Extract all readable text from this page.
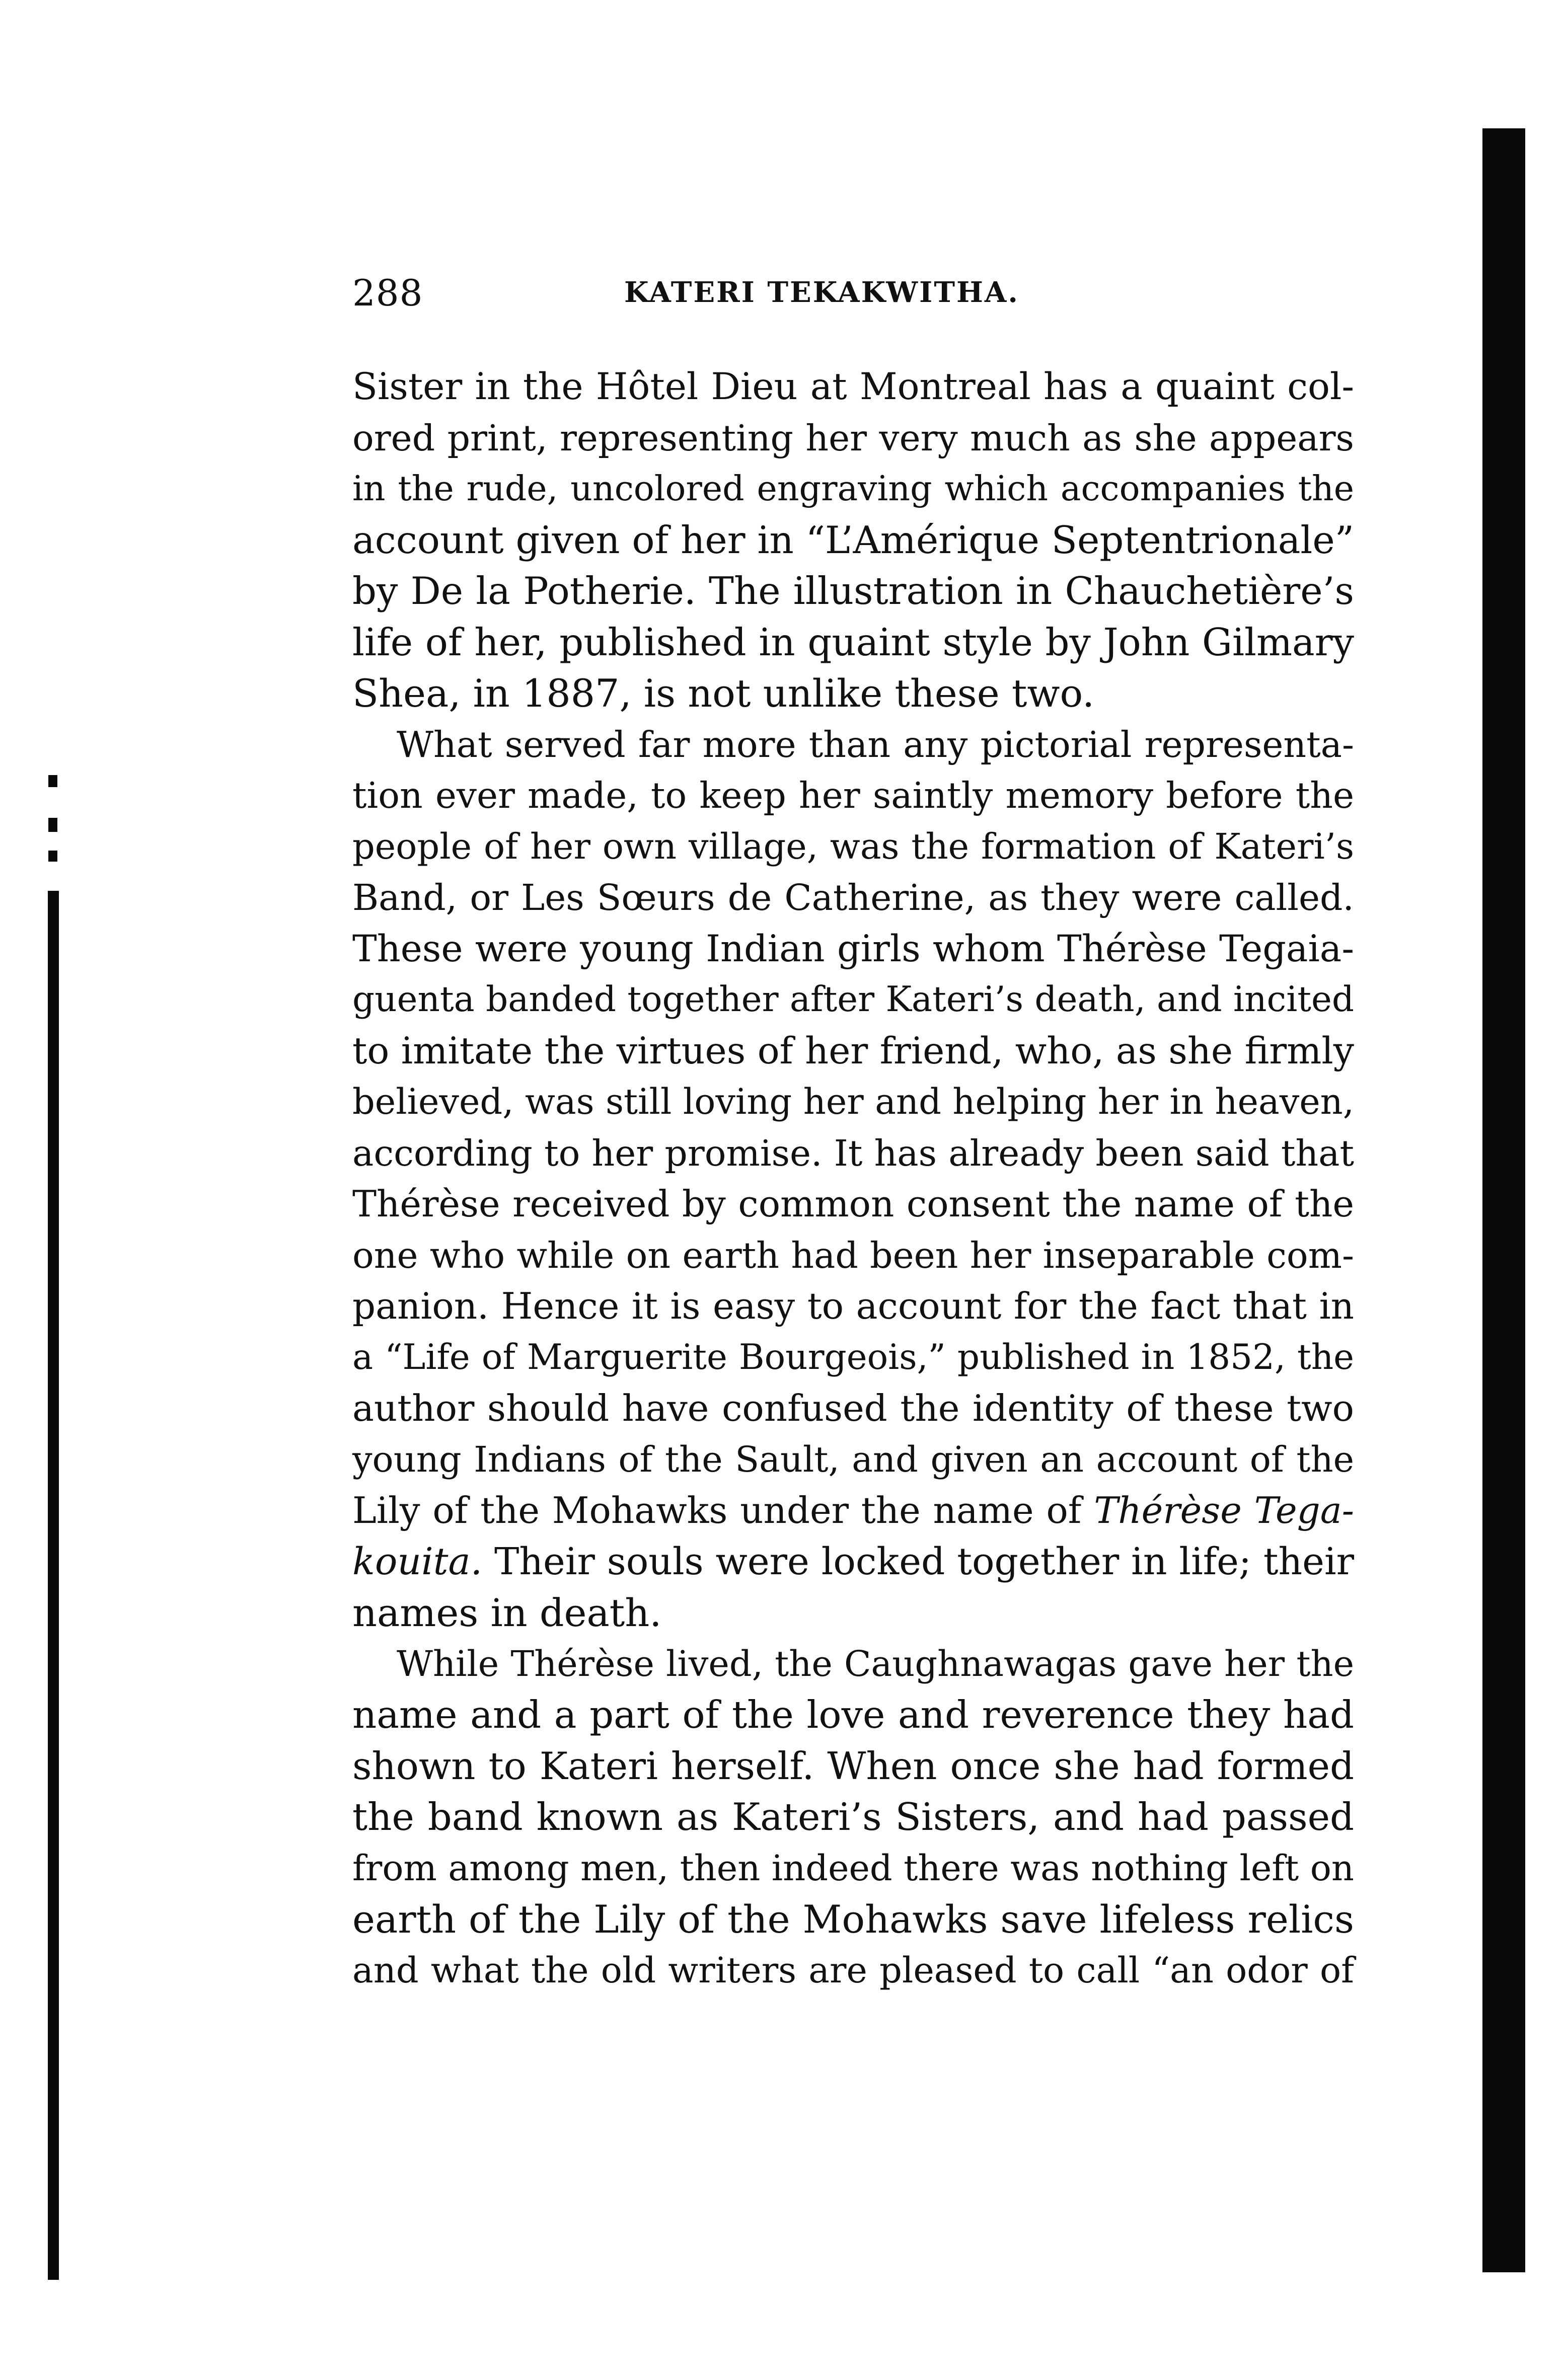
288	KATERI TEKAKWITHA.
Sister in the Hôtel Dieu at Montreal has a quaint col-
ored print, representing her very much as she appears
in the rude, uncolored engraving which accompanies the
account given of her in “L’Amérique Septentrionale”
by De la Potherie. The illustration in Chauchetière’s
life of her, published in quaint style by John Gilmary
Shea, in 1887, is not unlike these two.
What served far more than any pictorial representa-
tion ever made, to keep her saintly memory before the
people of her own village, was the formation of Kateri’s
Band, or Les Sœurs de Catherine, as they were called.
These were young Indian girls whom Thérèse Tegaia-
guenta banded together after Kateri’s death, and incited
to imitate the virtues of her friend, who, as she firmly
believed, was still loving her and helping her in heaven,
according to her promise. It has already been said that
Thérèse received by common consent the name of the
one who while on earth had been her inseparable com-
panion. Hence it is easy to account for the fact that in
a “Life of Marguerite Bourgeois,” published in 1852, the
author should have confused the identity of these two
young Indians of the Sault, and given an account of the
Lily of the Mohawks under the name of Thérèse Tega-
kouita. Their souls were locked together in life; their
names in death.
While Thérèse lived, the Caughnawagas gave her the
name and a part of the love and reverence they had
shown to Kateri herself. When once she had formed
the band known as Kateri’s Sisters, and had passed
from among men, then indeed there was nothing left on
earth of the Lily of the Mohawks save lifeless relics
and what the old writers are pleased to call “an odor of
